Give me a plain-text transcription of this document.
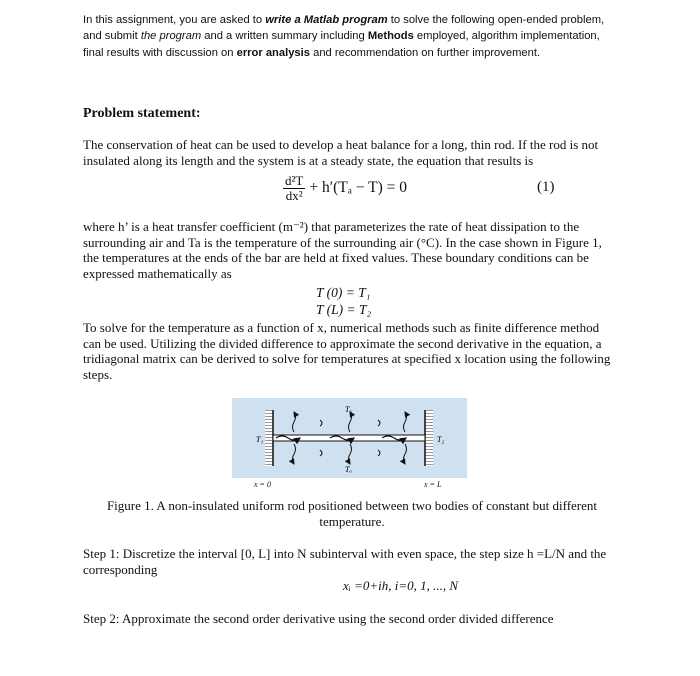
In this assignment, you are asked to write a Matlab program to solve the following open-ended problem, and submit the program and a written summary including Methods employed, algorithm implementation, final results with discussion on error analysis and recommendation on further improvement.
Problem statement:
The conservation of heat can be used to develop a heat balance for a long, thin rod. If the rod is not insulated along its length and the system is at a steady state, the equation that results is
$\frac{\text{d²T}}{\text{dx²}} + h'(T_a - T) = 0$	(1)
where h’ is a heat transfer coefficient (m⁻²) that parameterizes the rate of heat dissipation to the surrounding air and Ta is the temperature of the surrounding air (°C). In the case shown in Figure 1, the temperatures at the ends of the bar are held at fixed values. These boundary conditions can be expressed mathematically as
T (0) = T₁
T (L) = T₂
To solve for the temperature as a function of x, numerical methods such as finite difference method can be used. Utilizing the divided difference to approximate the second derivative in the equation, a tridiagonal matrix can be derived to solve for temperatures at specified x location using the following steps.
Tₐ
Tₐ
T₁	T₂
x = 0	x = L
Figure 1. A non-insulated uniform rod positioned between two bodies of constant but different temperature.
Step 1: Discretize the interval [0, L] into N subinterval with even space, the step size h =L/N and the corresponding
xᵢ =0+ih, i=0, 1, ..., N
Step 2: Approximate the second order derivative using the second order divided difference
